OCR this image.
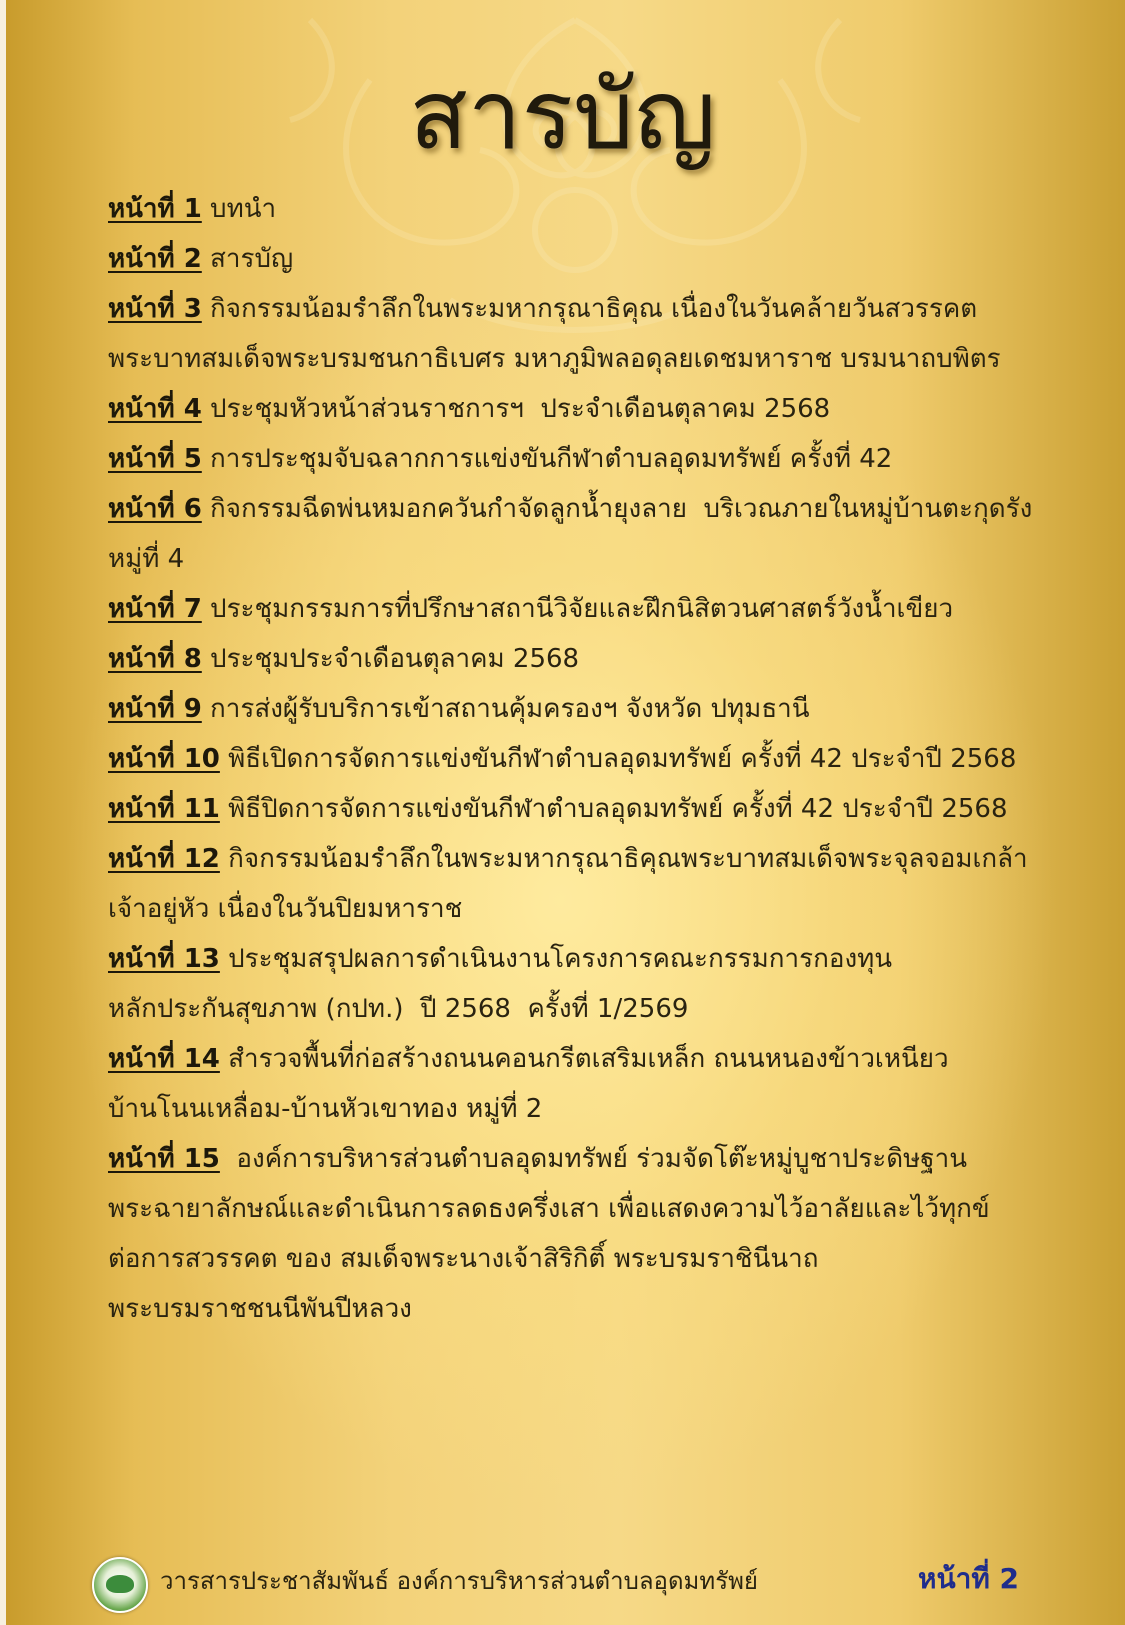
สารบัญ
หน้าที่ 1 บทนำ
หน้าที่ 2 สารบัญ
หน้าที่ 3 กิจกรรมน้อมรำลึกในพระมหากรุณาธิคุณ เนื่องในวันคล้ายวันสวรรคต
พระบาทสมเด็จพระบรมชนกาธิเบศร มหาภูมิพลอดุลยเดชมหาราช บรมนาถบพิตร
หน้าที่ 4 ประชุมหัวหน้าส่วนราชการฯ  ประจำเดือนตุลาคม 2568
หน้าที่ 5 การประชุมจับฉลากการแข่งขันกีฬาตำบลอุดมทรัพย์ ครั้งที่ 42
หน้าที่ 6 กิจกรรมฉีดพ่นหมอกควันกำจัดลูกน้ำยุงลาย  บริเวณภายในหมู่บ้านตะกุดรัง
หมู่ที่ 4
หน้าที่ 7 ประชุมกรรมการที่ปรึกษาสถานีวิจัยและฝึกนิสิตวนศาสตร์วังน้ำเขียว
หน้าที่ 8 ประชุมประจำเดือนตุลาคม 2568
หน้าที่ 9 การส่งผู้รับบริการเข้าสถานคุ้มครองฯ จังหวัด ปทุมธานี
หน้าที่ 10 พิธีเปิดการจัดการแข่งขันกีฬาตำบลอุดมทรัพย์ ครั้งที่ 42 ประจำปี 2568
หน้าที่ 11 พิธีปิดการจัดการแข่งขันกีฬาตำบลอุดมทรัพย์ ครั้งที่ 42 ประจำปี 2568
หน้าที่ 12 กิจกรรมน้อมรำลึกในพระมหากรุณาธิคุณพระบาทสมเด็จพระจุลจอมเกล้า
เจ้าอยู่หัว เนื่องในวันปิยมหาราช
หน้าที่ 13 ประชุมสรุปผลการดำเนินงานโครงการคณะกรรมการกองทุน
หลักประกันสุขภาพ (กปท.)  ปี 2568  ครั้งที่ 1/2569
หน้าที่ 14 สำรวจพื้นที่ก่อสร้างถนนคอนกรีตเสริมเหล็ก ถนนหนองข้าวเหนียว
บ้านโนนเหลื่อม-บ้านหัวเขาทอง หมู่ที่ 2
หน้าที่ 15  องค์การบริหารส่วนตำบลอุดมทรัพย์ ร่วมจัดโต๊ะหมู่บูชาประดิษฐาน
พระฉายาลักษณ์และดำเนินการลดธงครึ่งเสา เพื่อแสดงความไว้อาลัยและไว้ทุกข์
ต่อการสวรรคต ของ สมเด็จพระนางเจ้าสิริกิติ์ พระบรมราชินีนาถ
พระบรมราชชนนีพันปีหลวง
วารสารประชาสัมพันธ์ องค์การบริหารส่วนตำบลอุดมทรัพย์	หน้าที่ 2
